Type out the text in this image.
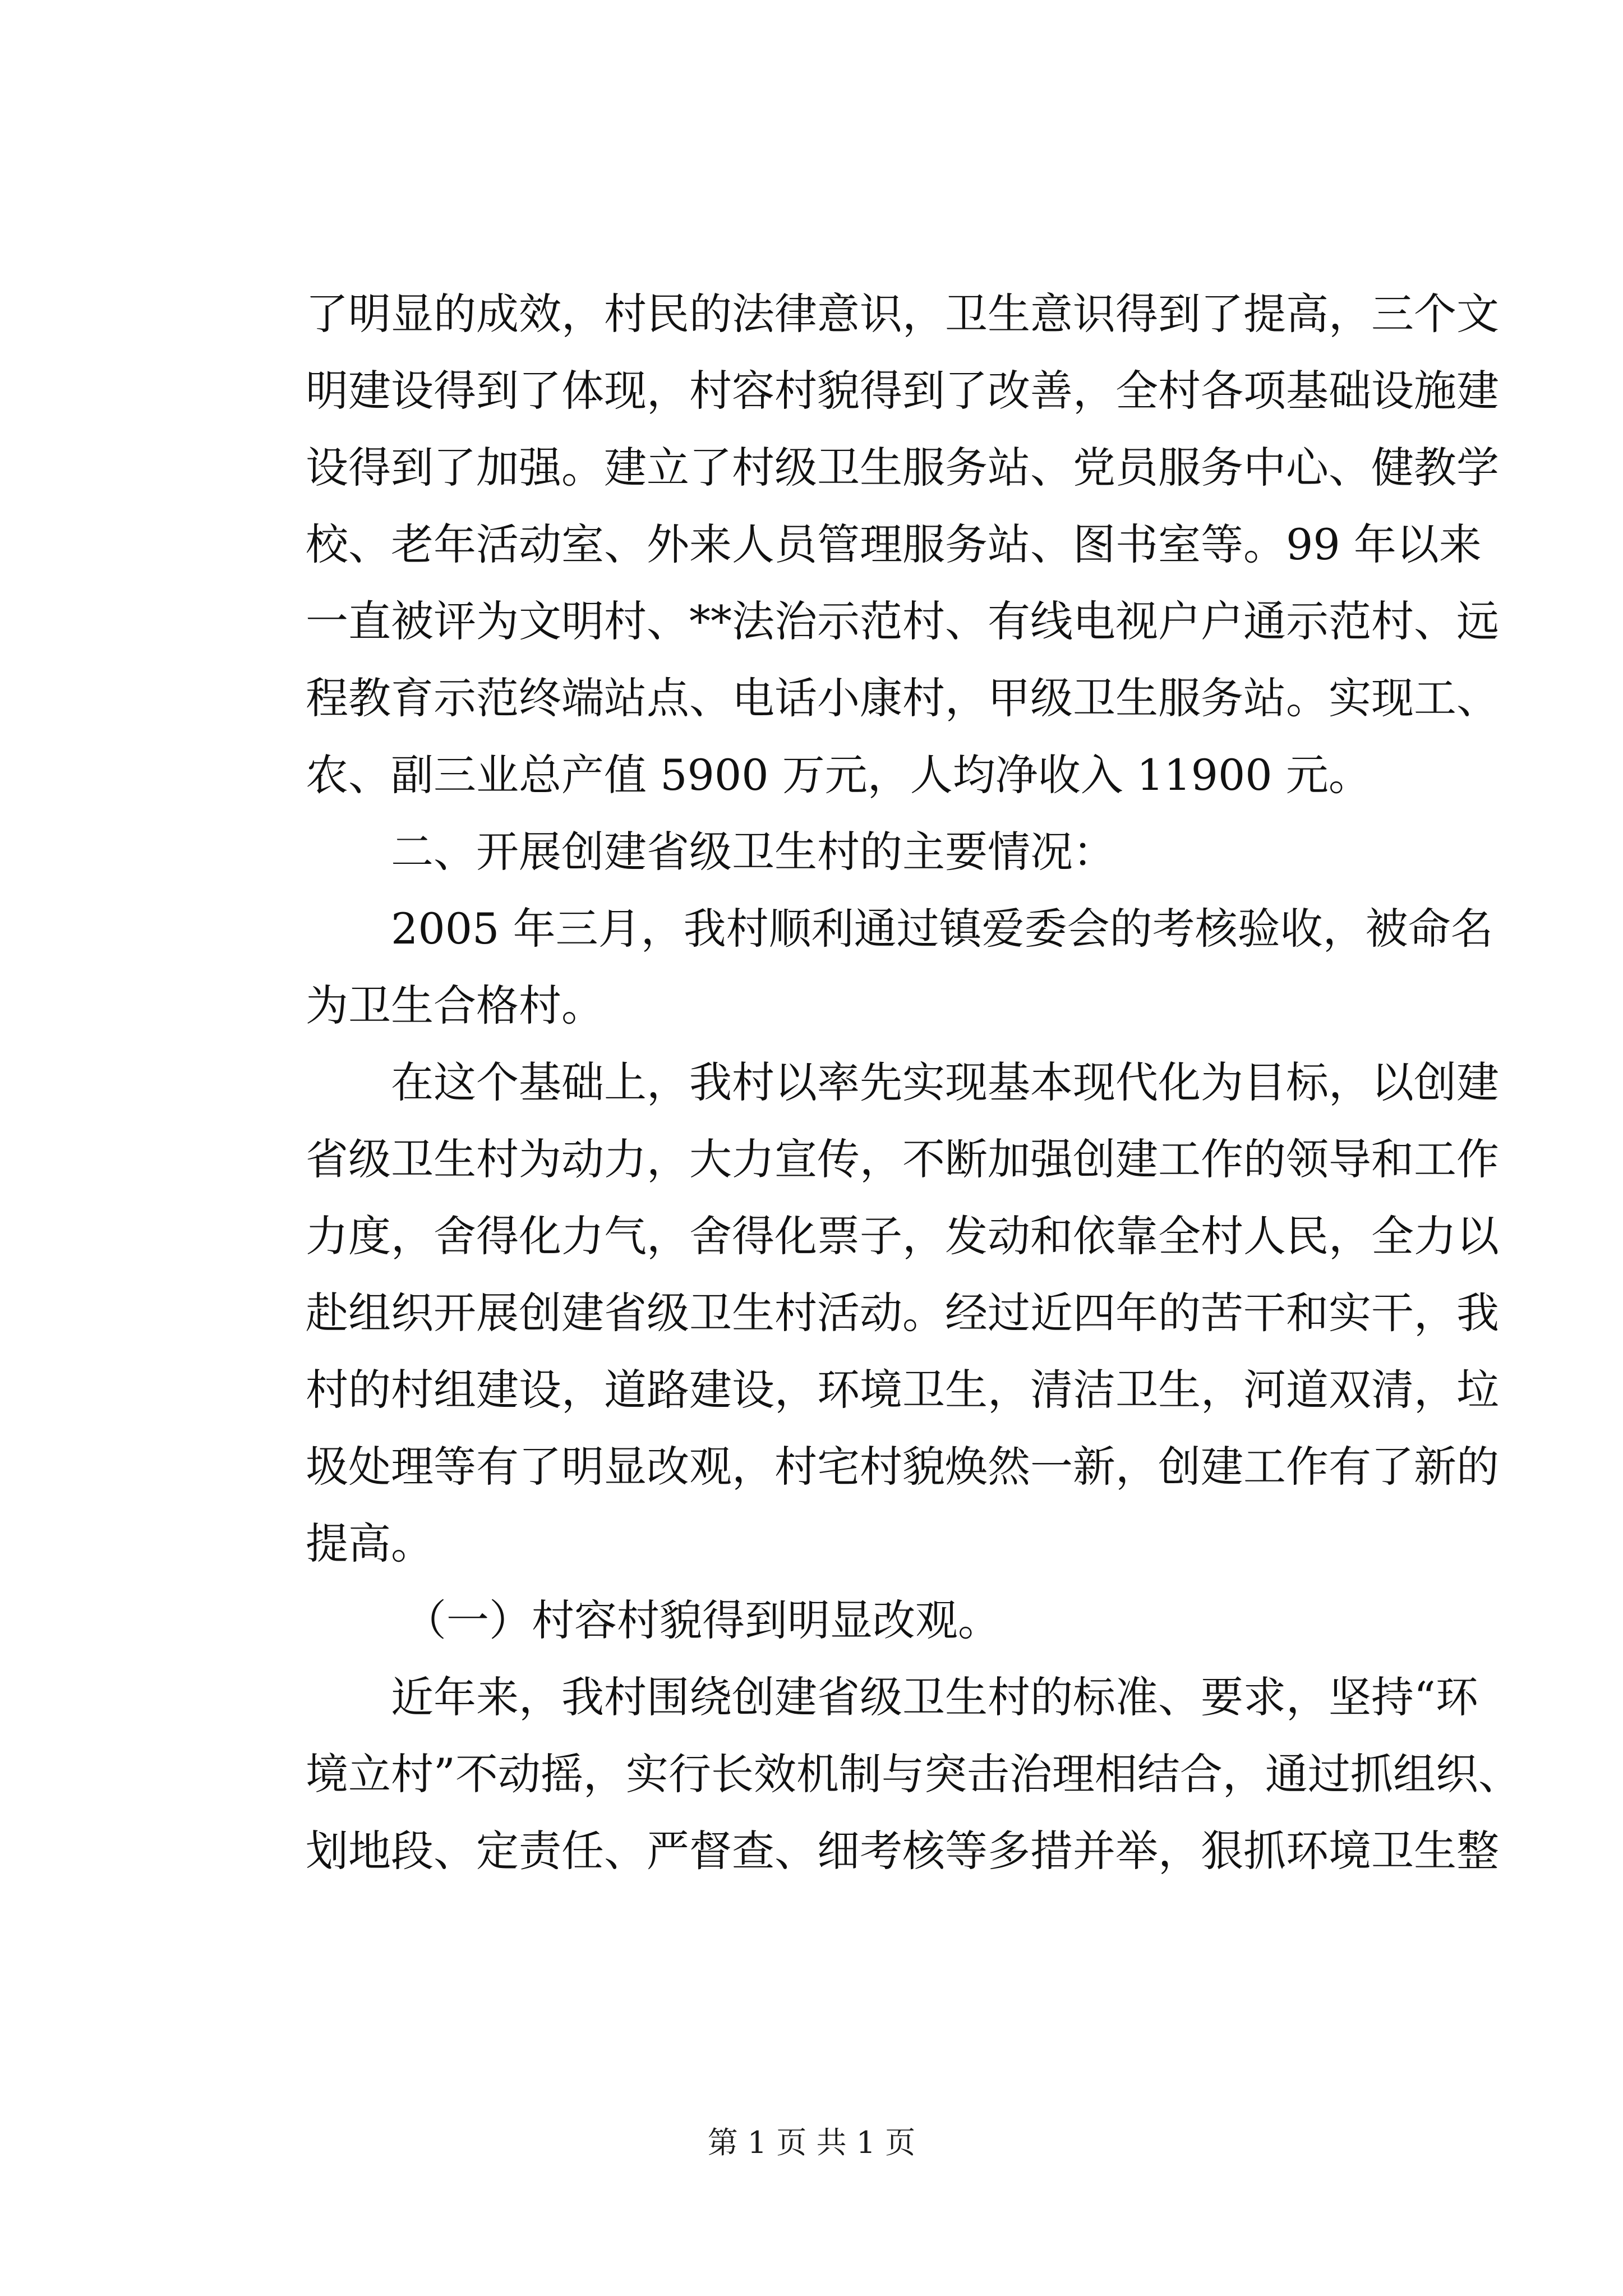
了明显的成效，村民的法律意识，卫生意识得到了提高，三个文
明建设得到了体现，村容村貌得到了改善，全村各项基础设施建
设得到了加强。建立了村级卫生服务站、党员服务中心、健教学
校、老年活动室、外来人员管理服务站、图书室等。99 年以来
一直被评为文明村、**法治示范村、有线电视户户通示范村、远
程教育示范终端站点、电话小康村，甲级卫生服务站。实现工、
农、副三业总产值 5900 万元，人均净收入 11900 元。
二、开展创建省级卫生村的主要情况：
2005 年三月，我村顺利通过镇爱委会的考核验收，被命名
为卫生合格村。
在这个基础上，我村以率先实现基本现代化为目标，以创建
省级卫生村为动力，大力宣传，不断加强创建工作的领导和工作
力度，舍得化力气，舍得化票子，发动和依靠全村人民，全力以
赴组织开展创建省级卫生村活动。经过近四年的苦干和实干，我
村的村组建设，道路建设，环境卫生，清洁卫生，河道双清，垃
圾处理等有了明显改观，村宅村貌焕然一新，创建工作有了新的
提高。
（一）村容村貌得到明显改观。
近年来，我村围绕创建省级卫生村的标准、要求，坚持“环
境立村”不动摇，实行长效机制与突击治理相结合，通过抓组织、
划地段、定责任、严督查、细考核等多措并举，狠抓环境卫生整
第 1 页 共 1 页
